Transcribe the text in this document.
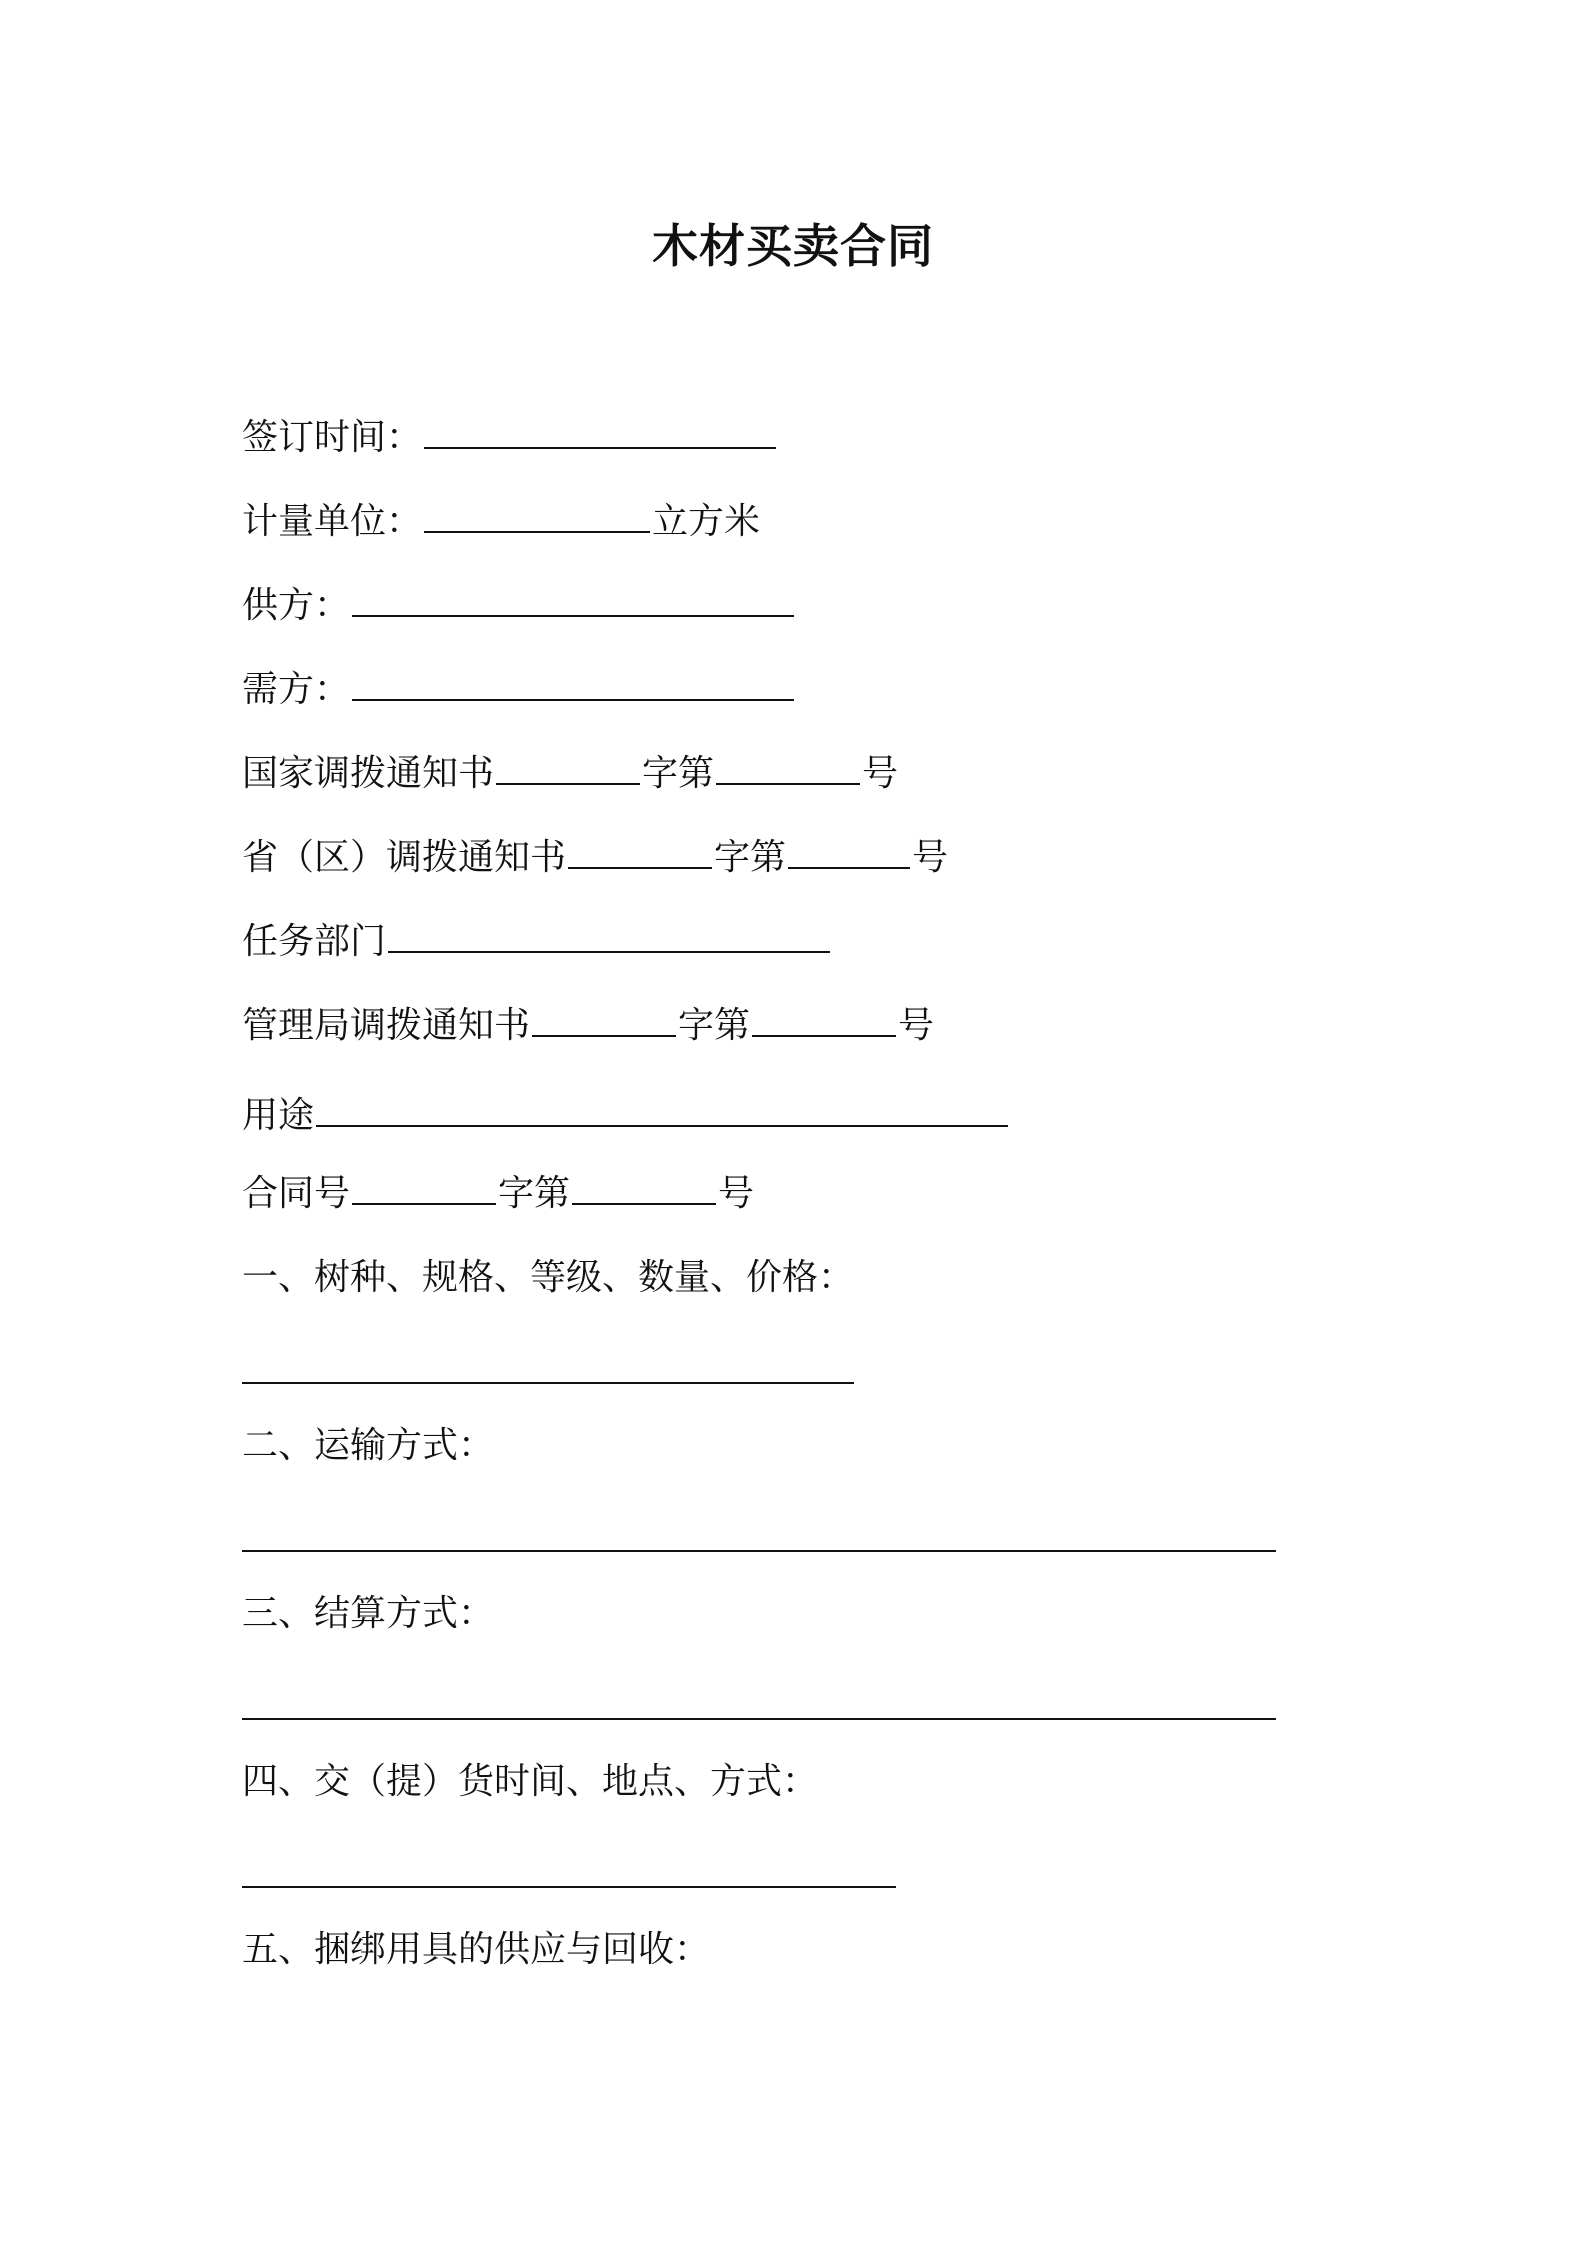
木材买卖合同
签订时间：
计量单位：	立方米
供方：
需方：
国家调拨通知书	字第	号
省（区）调拨通知书	字第	号
任务部门
管理局调拨通知书	字第	号
用途
合同号	字第	号
一、树种、规格、等级、数量、价格：
二、运输方式：
三、结算方式：
四、交（提）货时间、地点、方式：
五、捆绑用具的供应与回收：
